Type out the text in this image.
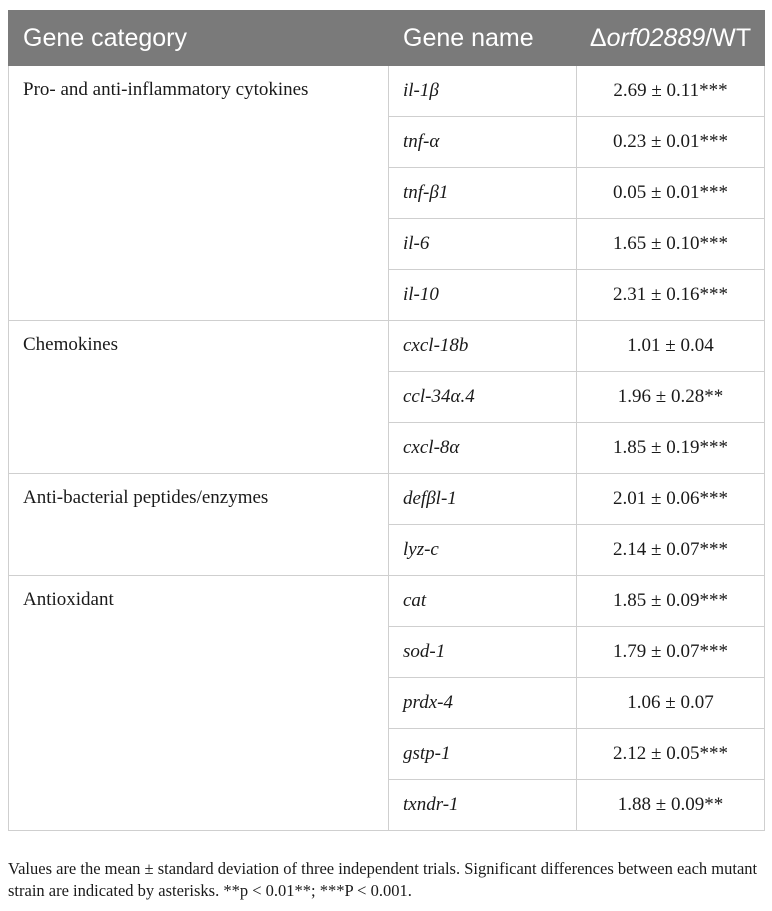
Gene category	Gene name	Δorf02889/WT
Pro- and anti-inflammatory cytokines	il-1β	2.69 ± 0.11***
	tnf-α	0.23 ± 0.01***
	tnf-β1	0.05 ± 0.01***
	il-6	1.65 ± 0.10***
	il-10	2.31 ± 0.16***
Chemokines	cxcl-18b	1.01 ± 0.04
	ccl-34α.4	1.96 ± 0.28**
	cxcl-8α	1.85 ± 0.19***
Anti-bacterial peptides/enzymes	defβl-1	2.01 ± 0.06***
	lyz-c	2.14 ± 0.07***
Antioxidant	cat	1.85 ± 0.09***
	sod-1	1.79 ± 0.07***
	prdx-4	1.06 ± 0.07
	gstp-1	2.12 ± 0.05***
	txndr-1	1.88 ± 0.09**
Values are the mean ± standard deviation of three independent trials. Significant differences between each mutant strain are indicated by asterisks. **p < 0.01**; ***P < 0.001.
